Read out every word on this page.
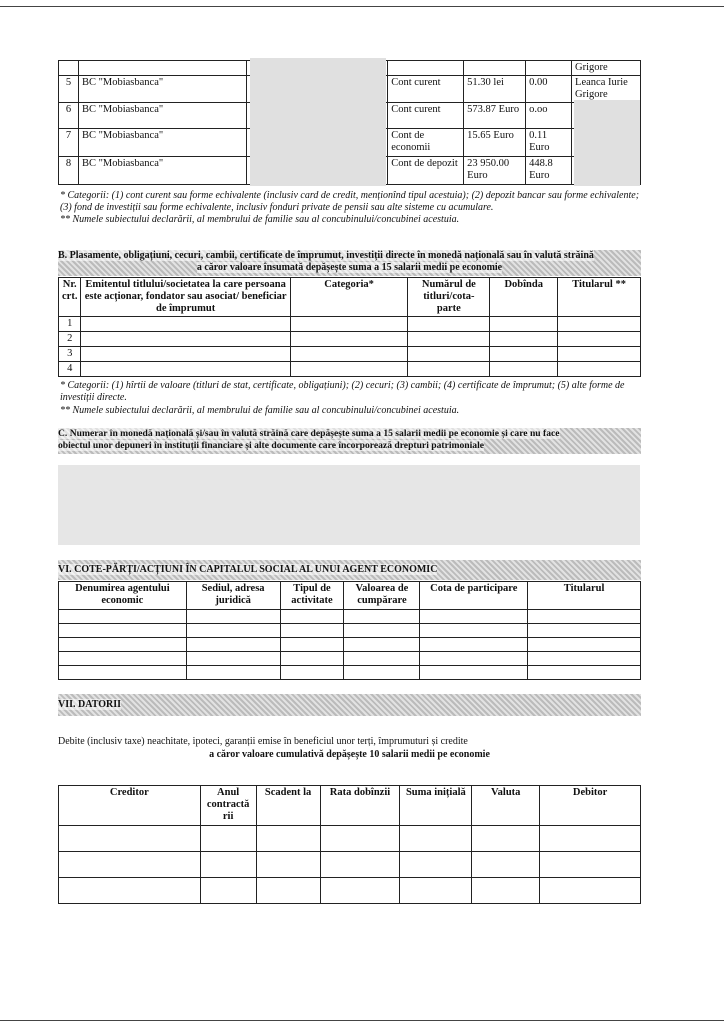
						Grigore
5	BC "Mobiasbanca"		Cont curent	51.30 lei	0.00	Leanca Iurie Grigore
6	BC "Mobiasbanca"		Cont curent	573.87 Euro	o.oo	
7	BC "Mobiasbanca"		Cont de economii	15.65 Euro	0.11 Euro	
8	BC "Mobiasbanca"		Cont de depozit	23 950.00 Euro	448.8 Euro	
* Categorii: (1) cont curent sau forme echivalente (inclusiv card de credit, menționînd tipul acestuia); (2) depozit bancar sau forme echivalente; (3) fond de investiții sau forme echivalente, inclusiv fonduri private de pensii sau alte sisteme cu acumulare.
** Numele subiectului declarării, al membrului de familie sau al concubinului/concubinei acestuia.
B. Plasamente, obligațiuni, cecuri, cambii, certificate de împrumut, investiții directe în monedă națională sau în valută străină
a căror valoare însumată depășește suma a 15 salarii medii pe economie
Nr. crt.	Emitentul titlului/societatea la care persoana este acționar, fondator sau asociat/ beneficiar de împrumut	Categoria*	Numărul de titluri/cota-parte	Dobînda	Titularul **
1					
2					
3					
4					
* Categorii: (1) hîrtii de valoare (titluri de stat, certificate, obligațiuni); (2) cecuri; (3) cambii; (4) certificate de împrumut; (5) alte forme de investiții directe.
** Numele subiectului declarării, al membrului de familie sau al concubinului/concubinei acestuia.
C. Numerar în monedă națională și/sau în valută străină care depășește suma a 15 salarii medii pe economie și care nu face
obiectul unor depuneri în instituții financiare și alte documente care încorporează drepturi patrimoniale
VI. COTE-PĂRȚI/ACȚIUNI ÎN CAPITALUL SOCIAL AL UNUI AGENT ECONOMIC
Denumirea agentului economic	Sediul, adresa juridică	Tipul de activitate	Valoarea de cumpărare	Cota de participare	Titularul

VII. DATORII
Debite (inclusiv taxe) neachitate, ipoteci, garanții emise în beneficiul unor terți, împrumuturi și credite
a căror valoare cumulativă depășește 10 salarii medii pe economie
Creditor	Anul contractă rii	Scadent la	Rata dobînzii	Suma inițială	Valuta	Debitor
